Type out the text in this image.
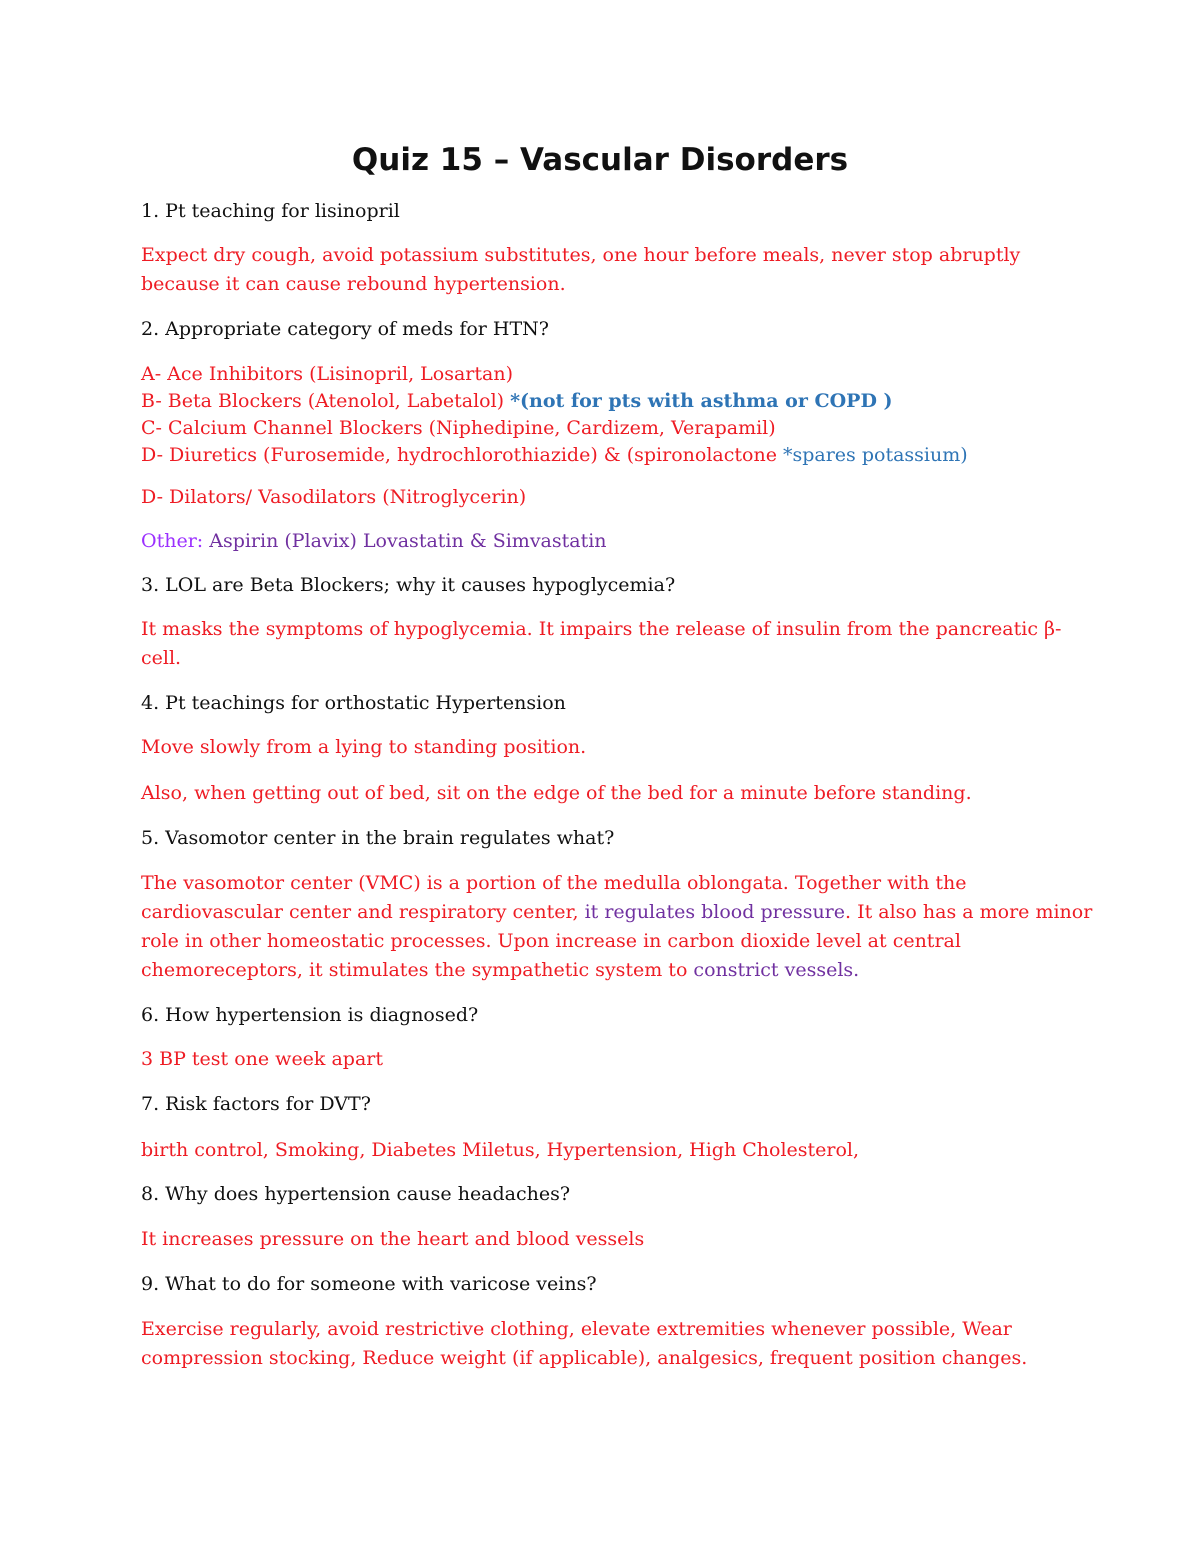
Quiz 15 – Vascular Disorders
1. Pt teaching for lisinopril
Expect dry cough, avoid potassium substitutes, one hour before meals, never stop abruptly
because it can cause rebound hypertension.
2. Appropriate category of meds for HTN?
A- Ace Inhibitors (Lisinopril, Losartan)
B- Beta Blockers (Atenolol, Labetalol) *(not for pts with asthma or COPD )
C- Calcium Channel Blockers (Niphedipine, Cardizem, Verapamil)
D- Diuretics (Furosemide, hydrochlorothiazide) & (spironolactone *spares potassium)
D- Dilators/ Vasodilators (Nitroglycerin)
Other: Aspirin (Plavix) Lovastatin & Simvastatin
3. LOL are Beta Blockers; why it causes hypoglycemia?
It masks the symptoms of hypoglycemia. It impairs the release of insulin from the pancreatic β-
cell.
4. Pt teachings for orthostatic Hypertension
Move slowly from a lying to standing position.
Also, when getting out of bed, sit on the edge of the bed for a minute before standing.
5. Vasomotor center in the brain regulates what?
The vasomotor center (VMC) is a portion of the medulla oblongata. Together with the
cardiovascular center and respiratory center, it regulates blood pressure. It also has a more minor
role in other homeostatic processes. Upon increase in carbon dioxide level at central
chemoreceptors, it stimulates the sympathetic system to constrict vessels.
6. How hypertension is diagnosed?
3 BP test one week apart
7. Risk factors for DVT?
birth control, Smoking, Diabetes Miletus, Hypertension, High Cholesterol,
8. Why does hypertension cause headaches?
It increases pressure on the heart and blood vessels
9. What to do for someone with varicose veins?
Exercise regularly, avoid restrictive clothing, elevate extremities whenever possible, Wear
compression stocking, Reduce weight (if applicable), analgesics, frequent position changes.
